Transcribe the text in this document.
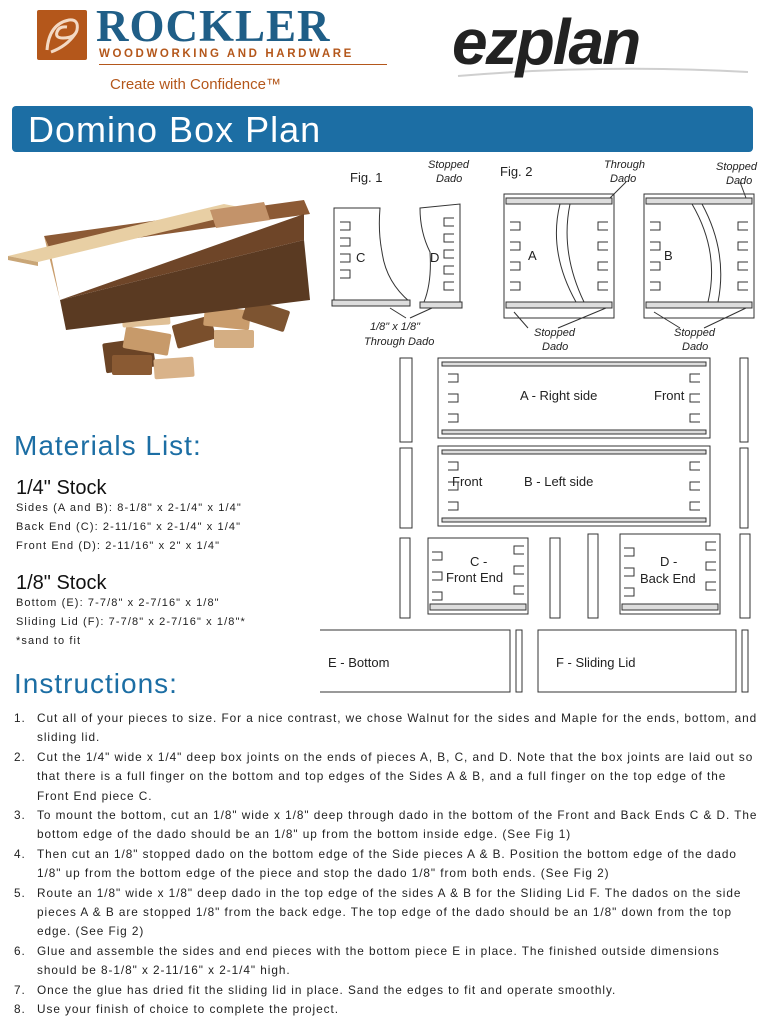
ROCKLER
WOODWORKING AND HARDWARE
Create with Confidence™
ezplan
Domino Box Plan
Fig. 1	Fig. 2
Stopped
Dado
Through
Dado
Stopped
Dado
C	D	A	B
1/8" x 1/8"
Through Dado
Stopped
Dado
Stopped
Dado
A - Right side	Front
Front	B - Left side
C -
Front End
D -
Back End
E - Bottom	F - Sliding Lid
Materials List:
1/4" Stock
Sides (A and B): 8-1/8" x 2-1/4" x 1/4"
Back End (C): 2-11/16" x 2-1/4" x 1/4"
Front End (D): 2-11/16" x 2" x 1/4"
1/8" Stock
Bottom (E): 7-7/8" x 2-7/16" x 1/8"
Sliding Lid (F): 7-7/8" x 2-7/16" x 1/8"*
*sand to fit
Instructions:
1. Cut all of your pieces to size. For a nice contrast, we chose Walnut for the sides and Maple for the ends, bottom, and sliding lid.
2. Cut the 1/4" wide x 1/4" deep box joints on the ends of pieces A, B, C, and D. Note that the box joints are laid out so that there is a full finger on the bottom and top edges of the Sides A & B, and a full finger on the top edge of the Front End piece C.
3. To mount the bottom, cut an 1/8" wide x 1/8" deep through dado in the bottom of the Front and Back Ends C & D. The bottom edge of the dado should be an 1/8" up from the bottom inside edge. (See Fig 1)
4. Then cut an 1/8" stopped dado on the bottom edge of the Side pieces A & B. Position the bottom edge of the dado 1/8" up from the bottom edge of the piece and stop the dado 1/8" from both ends. (See Fig 2)
5. Route an 1/8" wide x 1/8" deep dado in the top edge of the sides A & B for the Sliding Lid F. The dados on the side pieces A & B are stopped 1/8" from the back edge. The top edge of the dado should be an 1/8" down from the top edge. (See Fig 2)
6. Glue and assemble the sides and end pieces with the bottom piece E in place. The finished outside dimensions should be 8-1/8" x 2-11/16" x 2-1/4" high.
7. Once the glue has dried fit the sliding lid in place. Sand the edges to fit and operate smoothly.
8. Use your finish of choice to complete the project.
